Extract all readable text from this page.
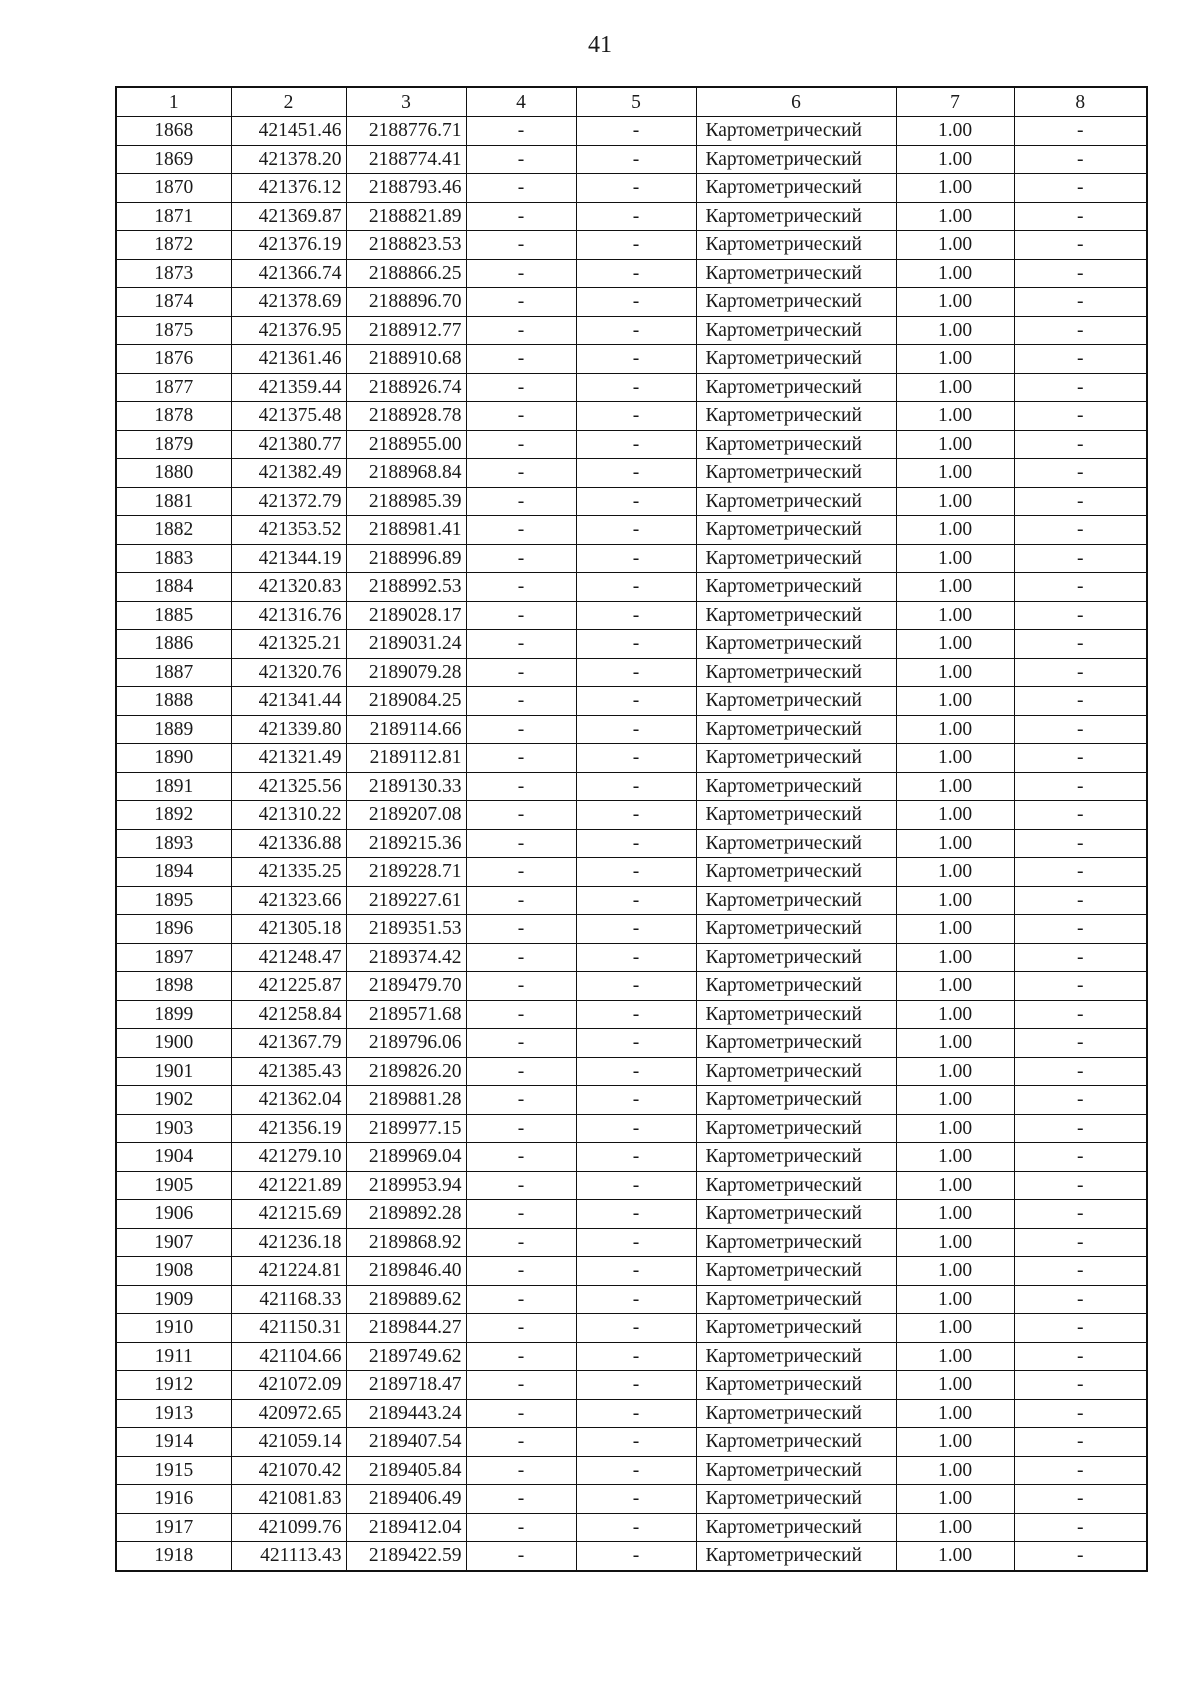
41
1	2	3	4	5	6	7	8
1868	421451.46	2188776.71	-	-	Картометрический	1.00	-
1869	421378.20	2188774.41	-	-	Картометрический	1.00	-
1870	421376.12	2188793.46	-	-	Картометрический	1.00	-
1871	421369.87	2188821.89	-	-	Картометрический	1.00	-
1872	421376.19	2188823.53	-	-	Картометрический	1.00	-
1873	421366.74	2188866.25	-	-	Картометрический	1.00	-
1874	421378.69	2188896.70	-	-	Картометрический	1.00	-
1875	421376.95	2188912.77	-	-	Картометрический	1.00	-
1876	421361.46	2188910.68	-	-	Картометрический	1.00	-
1877	421359.44	2188926.74	-	-	Картометрический	1.00	-
1878	421375.48	2188928.78	-	-	Картометрический	1.00	-
1879	421380.77	2188955.00	-	-	Картометрический	1.00	-
1880	421382.49	2188968.84	-	-	Картометрический	1.00	-
1881	421372.79	2188985.39	-	-	Картометрический	1.00	-
1882	421353.52	2188981.41	-	-	Картометрический	1.00	-
1883	421344.19	2188996.89	-	-	Картометрический	1.00	-
1884	421320.83	2188992.53	-	-	Картометрический	1.00	-
1885	421316.76	2189028.17	-	-	Картометрический	1.00	-
1886	421325.21	2189031.24	-	-	Картометрический	1.00	-
1887	421320.76	2189079.28	-	-	Картометрический	1.00	-
1888	421341.44	2189084.25	-	-	Картометрический	1.00	-
1889	421339.80	2189114.66	-	-	Картометрический	1.00	-
1890	421321.49	2189112.81	-	-	Картометрический	1.00	-
1891	421325.56	2189130.33	-	-	Картометрический	1.00	-
1892	421310.22	2189207.08	-	-	Картометрический	1.00	-
1893	421336.88	2189215.36	-	-	Картометрический	1.00	-
1894	421335.25	2189228.71	-	-	Картометрический	1.00	-
1895	421323.66	2189227.61	-	-	Картометрический	1.00	-
1896	421305.18	2189351.53	-	-	Картометрический	1.00	-
1897	421248.47	2189374.42	-	-	Картометрический	1.00	-
1898	421225.87	2189479.70	-	-	Картометрический	1.00	-
1899	421258.84	2189571.68	-	-	Картометрический	1.00	-
1900	421367.79	2189796.06	-	-	Картометрический	1.00	-
1901	421385.43	2189826.20	-	-	Картометрический	1.00	-
1902	421362.04	2189881.28	-	-	Картометрический	1.00	-
1903	421356.19	2189977.15	-	-	Картометрический	1.00	-
1904	421279.10	2189969.04	-	-	Картометрический	1.00	-
1905	421221.89	2189953.94	-	-	Картометрический	1.00	-
1906	421215.69	2189892.28	-	-	Картометрический	1.00	-
1907	421236.18	2189868.92	-	-	Картометрический	1.00	-
1908	421224.81	2189846.40	-	-	Картометрический	1.00	-
1909	421168.33	2189889.62	-	-	Картометрический	1.00	-
1910	421150.31	2189844.27	-	-	Картометрический	1.00	-
1911	421104.66	2189749.62	-	-	Картометрический	1.00	-
1912	421072.09	2189718.47	-	-	Картометрический	1.00	-
1913	420972.65	2189443.24	-	-	Картометрический	1.00	-
1914	421059.14	2189407.54	-	-	Картометрический	1.00	-
1915	421070.42	2189405.84	-	-	Картометрический	1.00	-
1916	421081.83	2189406.49	-	-	Картометрический	1.00	-
1917	421099.76	2189412.04	-	-	Картометрический	1.00	-
1918	421113.43	2189422.59	-	-	Картометрический	1.00	-
